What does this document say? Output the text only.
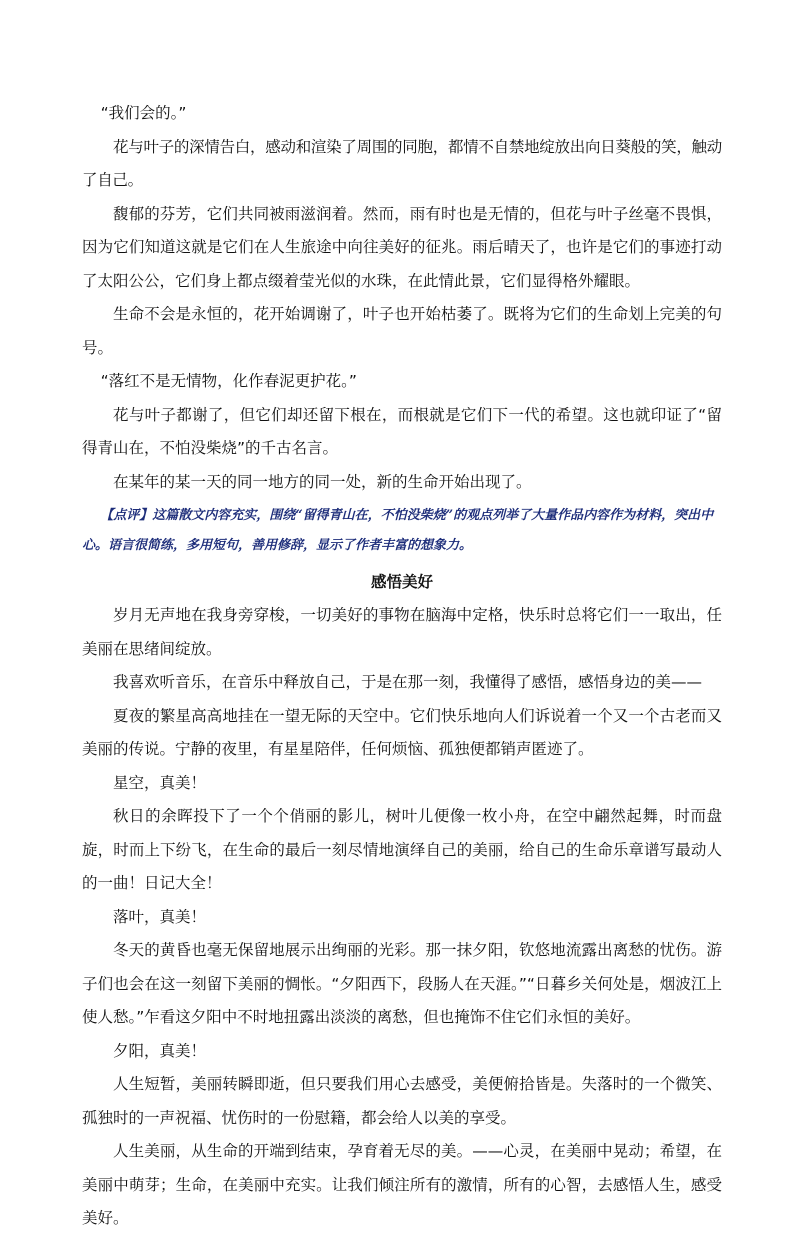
“我们会的。”

花与叶子的深情告白，感动和渲染了周围的同胞，都情不自禁地绽放出向日葵般的笑，触动了自己。

馥郁的芬芳，它们共同被雨滋润着。然而，雨有时也是无情的，但花与叶子丝毫不畏惧，因为它们知道这就是它们在人生旅途中向往美好的征兆。雨后晴天了，也许是它们的事迹打动了太阳公公，它们身上都点缀着莹光似的水珠，在此情此景，它们显得格外耀眼。

生命不会是永恒的，花开始调谢了，叶子也开始枯萎了。既将为它们的生命划上完美的句号。

“落红不是无情物，化作春泥更护花。”

花与叶子都谢了，但它们却还留下根在，而根就是它们下一代的希望。这也就印证了“留得青山在，不怕没柴烧”的千古名言。

在某年的某一天的同一地方的同一处，新的生命开始出现了。

【点评】这篇散文内容充实，围绕“留得青山在，不怕没柴烧”的观点列举了大量作品内容作为材料，突出中心。语言很简练，多用短句，善用修辞，显示了作者丰富的想象力。

感悟美好

岁月无声地在我身旁穿梭，一切美好的事物在脑海中定格，快乐时总将它们一一取出，任美丽在思绪间绽放。

我喜欢听音乐，在音乐中释放自己，于是在那一刻，我懂得了感悟，感悟身边的美——

夏夜的繁星高高地挂在一望无际的天空中。它们快乐地向人们诉说着一个又一个古老而又美丽的传说。宁静的夜里，有星星陪伴，任何烦恼、孤独便都销声匿迹了。

星空，真美！

秋日的余晖投下了一个个俏丽的影儿，树叶儿便像一枚小舟，在空中翩然起舞，时而盘旋，时而上下纷飞，在生命的最后一刻尽情地演绎自己的美丽，给自己的生命乐章谱写最动人的一曲！日记大全！

落叶，真美！

冬天的黄昏也毫无保留地展示出绚丽的光彩。那一抹夕阳，钦悠地流露出离愁的忧伤。游子们也会在这一刻留下美丽的惆怅。“夕阳西下，段肠人在天涯。”“日暮乡关何处是，烟波江上使人愁。”乍看这夕阳中不时地扭露出淡淡的离愁，但也掩饰不住它们永恒的美好。

夕阳，真美！

人生短暂，美丽转瞬即逝，但只要我们用心去感受，美便俯拾皆是。失落时的一个微笑、孤独时的一声祝福、忧伤时的一份慰籍，都会给人以美的享受。

人生美丽，从生命的开端到结束，孕育着无尽的美。——心灵，在美丽中晃动；希望，在美丽中萌芽；生命，在美丽中充实。让我们倾注所有的激情，所有的心智，去感悟人生，感受美好。
